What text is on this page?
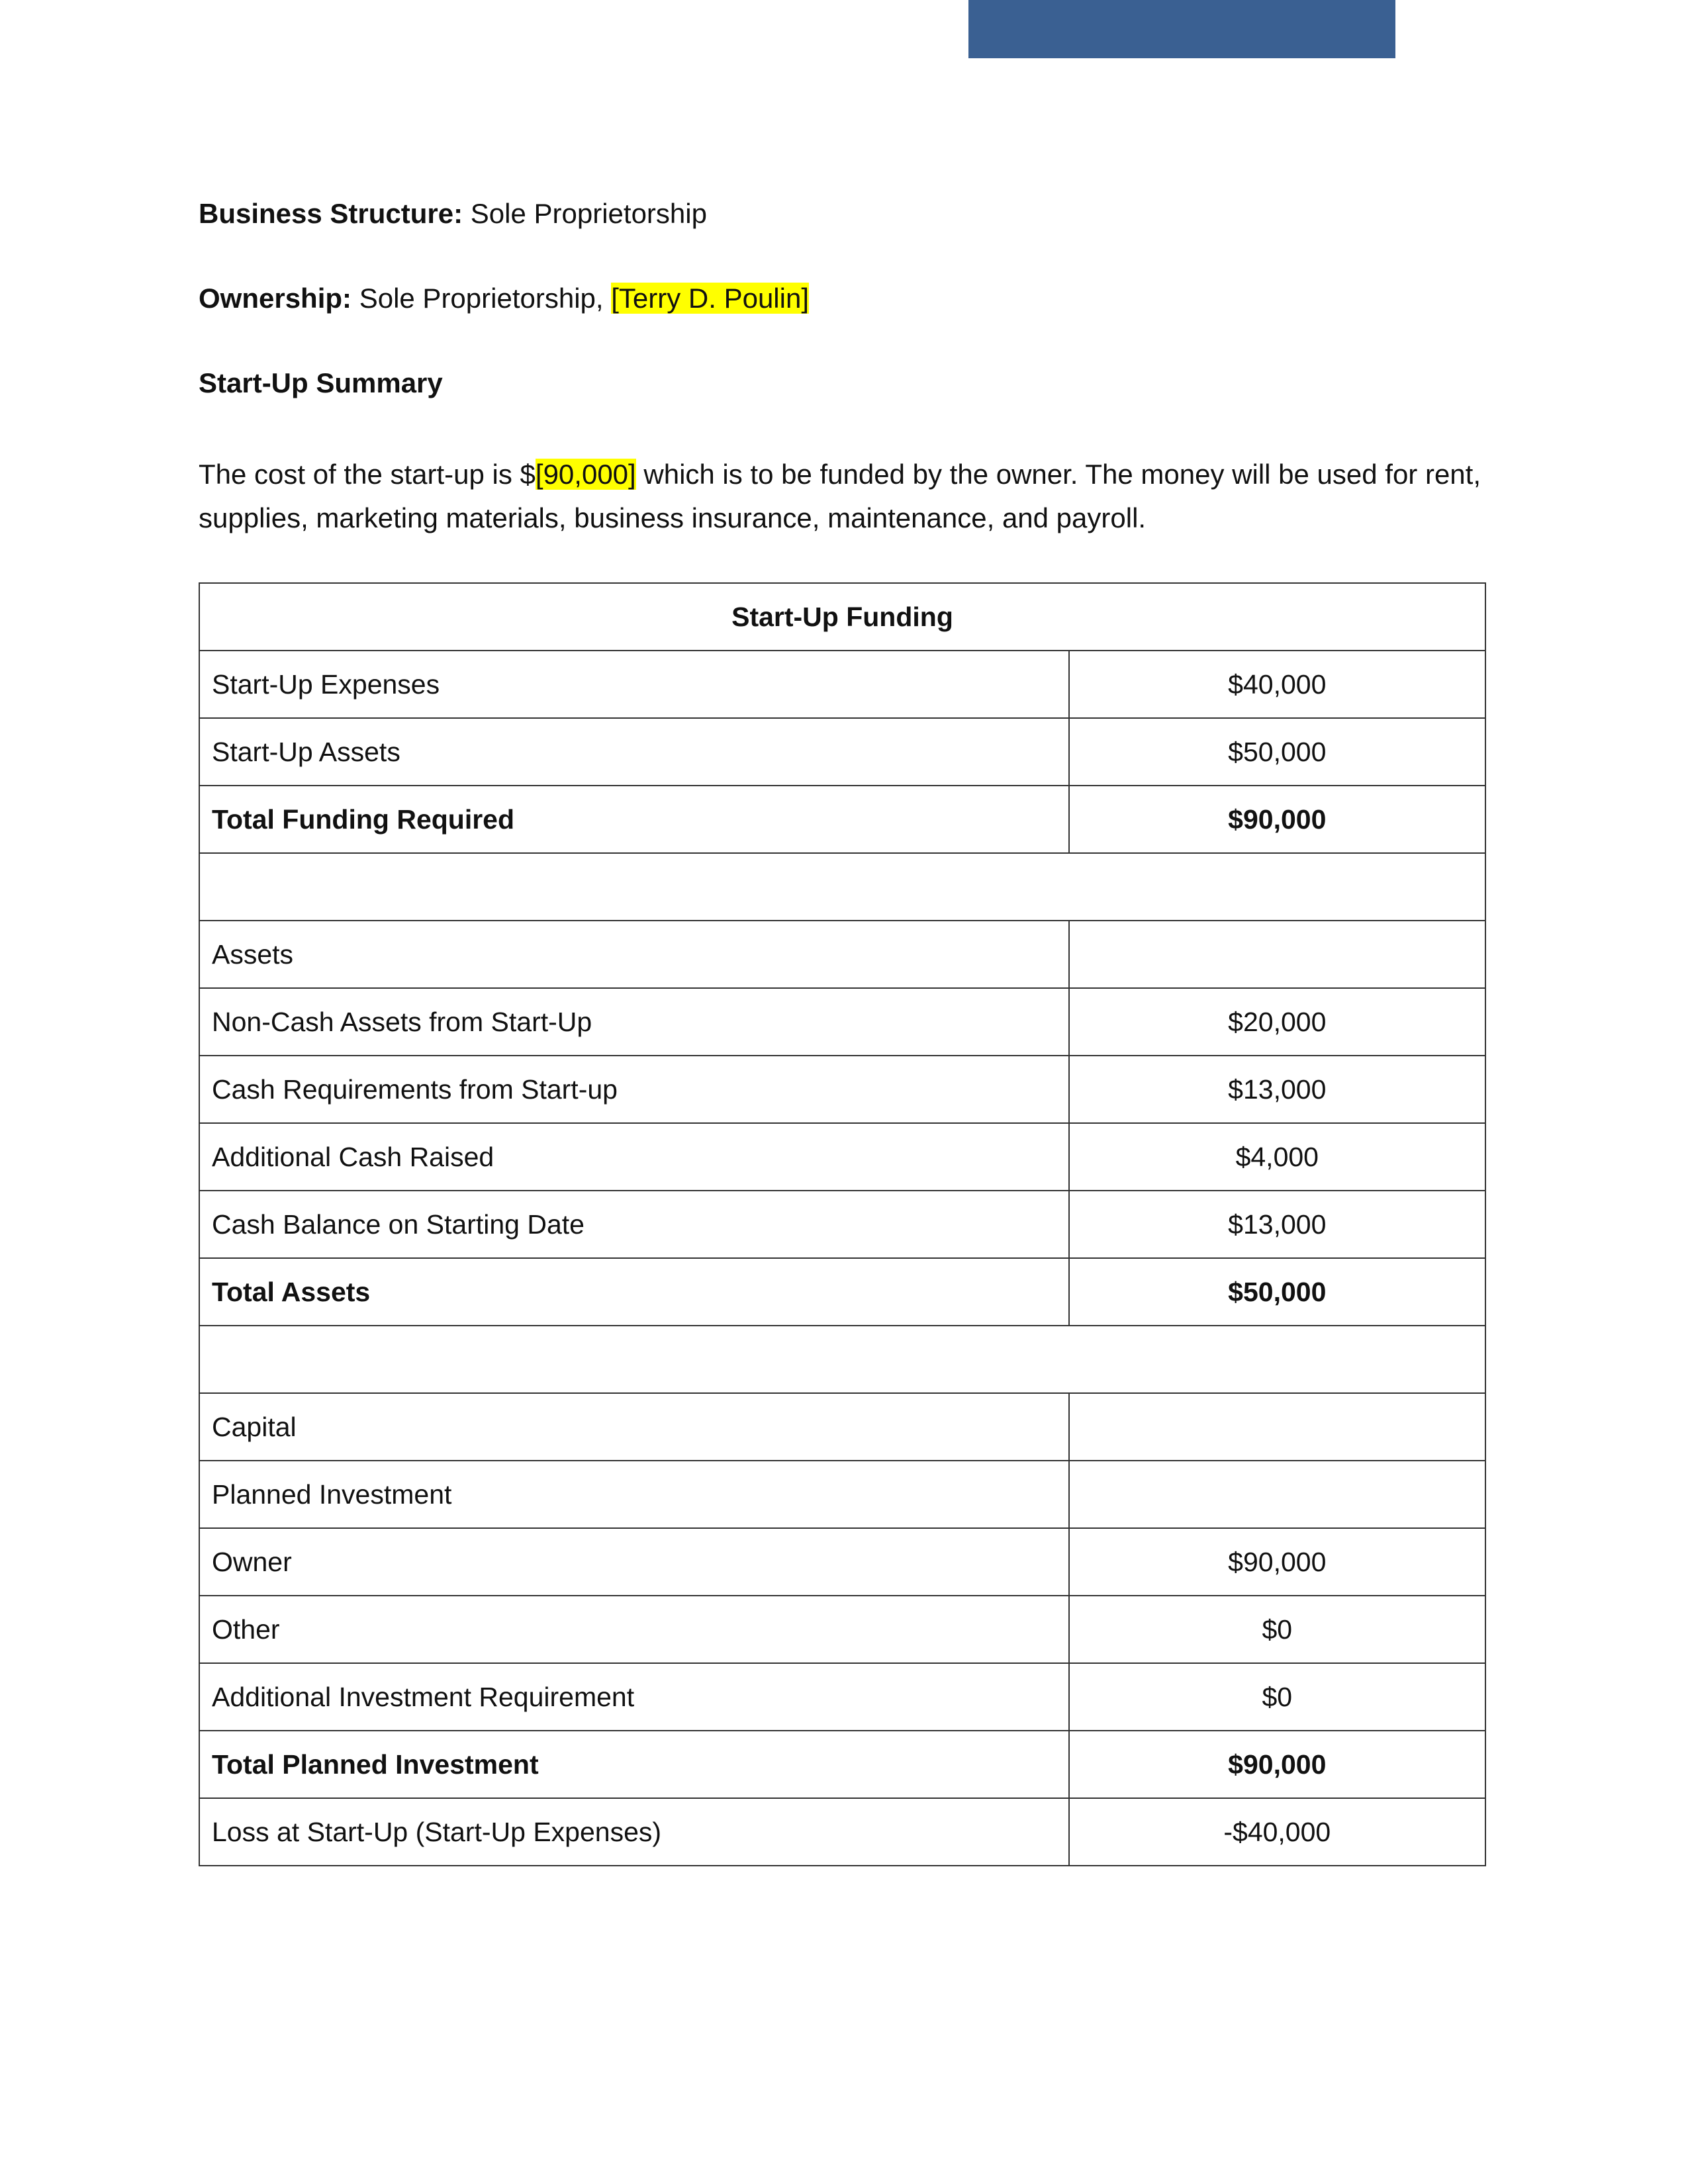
Business Structure: Sole Proprietorship
Ownership: Sole Proprietorship, [Terry D. Poulin]
Start-Up Summary
The cost of the start-up is $[90,000] which is to be funded by the owner. The money will be used for rent, supplies, marketing materials, business insurance, maintenance, and payroll.
Start-Up Funding	
Start-Up Expenses	$40,000
Start-Up Assets	$50,000
Total Funding Required	$90,000

Assets	
Non-Cash Assets from Start-Up	$20,000
Cash Requirements from Start-up	$13,000
Additional Cash Raised	$4,000
Cash Balance on Starting Date	$13,000
Total Assets	$50,000

Capital	
Planned Investment	
Owner	$90,000
Other	$0
Additional Investment Requirement	$0
Total Planned Investment	$90,000
Loss at Start-Up (Start-Up Expenses)	-$40,000
